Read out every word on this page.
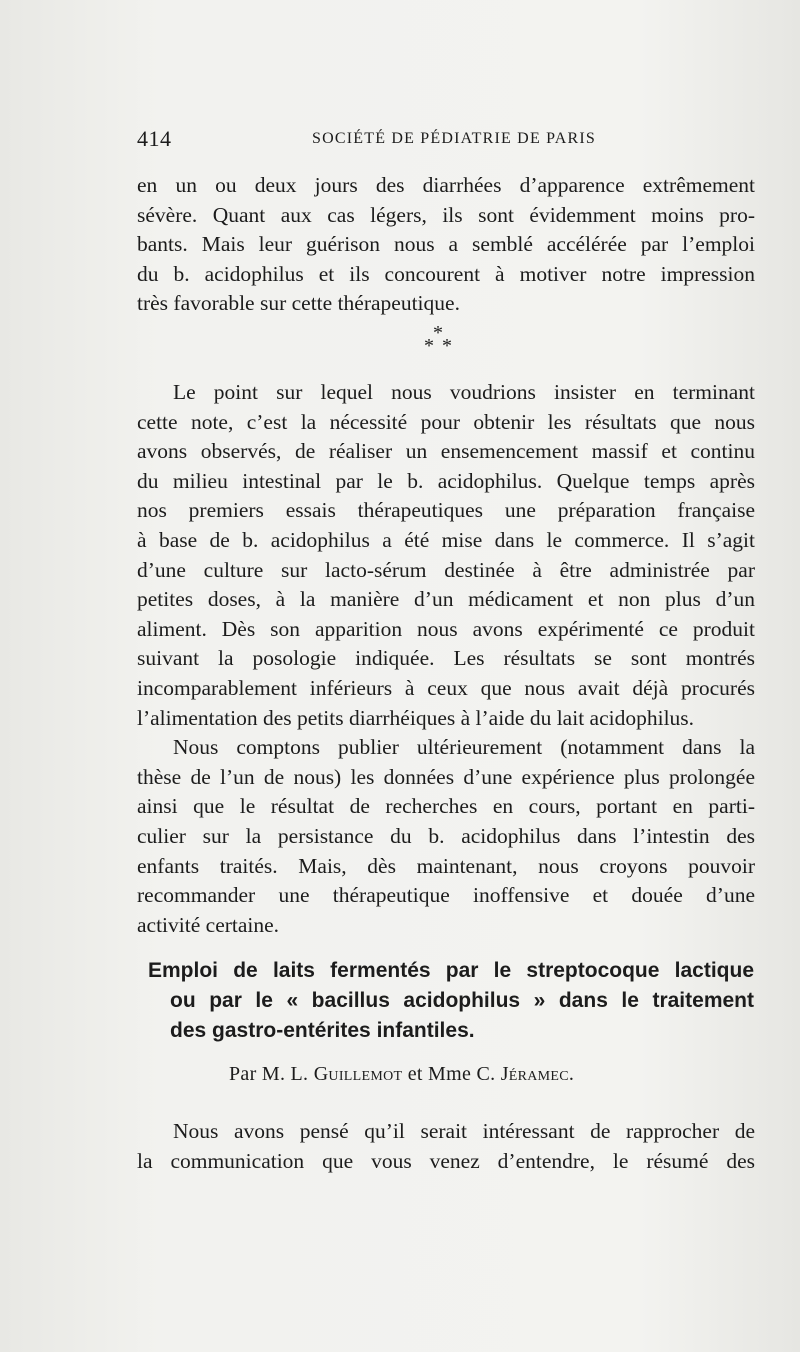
414	SOCIÉTÉ DE PÉDIATRIE DE PARIS

en un ou deux jours des diarrhées d’apparence extrêmement

sévère. Quant aux cas légers, ils sont évidemment moins pro-

bants. Mais leur guérison nous a semblé accélérée par l’emploi

du b. acidophilus et ils concourent à motiver notre impression

très favorable sur cette thérapeutique.

*
* *

Le point sur lequel nous voudrions insister en terminant

cette note, c’est la nécessité pour obtenir les résultats que nous

avons observés, de réaliser un ensemencement massif et continu

du milieu intestinal par le b. acidophilus. Quelque temps après

nos premiers essais thérapeutiques une préparation française

à base de b. acidophilus a été mise dans le commerce. Il s’agit

d’une culture sur lacto-sérum destinée à être administrée par

petites doses, à la manière d’un médicament et non plus d’un

aliment. Dès son apparition nous avons expérimenté ce produit

suivant la posologie indiquée. Les résultats se sont montrés

incomparablement inférieurs à ceux que nous avait déjà procurés

l’alimentation des petits diarrhéiques à l’aide du lait acidophilus.

Nous comptons publier ultérieurement (notamment dans la

thèse de l’un de nous) les données d’une expérience plus prolongée

ainsi que le résultat de recherches en cours, portant en parti-

culier sur la persistance du b. acidophilus dans l’intestin des

enfants traités. Mais, dès maintenant, nous croyons pouvoir

recommander une thérapeutique inoffensive et douée d’une

activité certaine.

Emploi de laits fermentés par le streptocoque lactique
ou par le « bacillus acidophilus » dans le traitement
des gastro-entérites infantiles.
Par M. L. Guillemot et Mme C. Jéramec.

Nous avons pensé qu’il serait intéressant de rapprocher de

la communication que vous venez d’entendre, le résumé des
